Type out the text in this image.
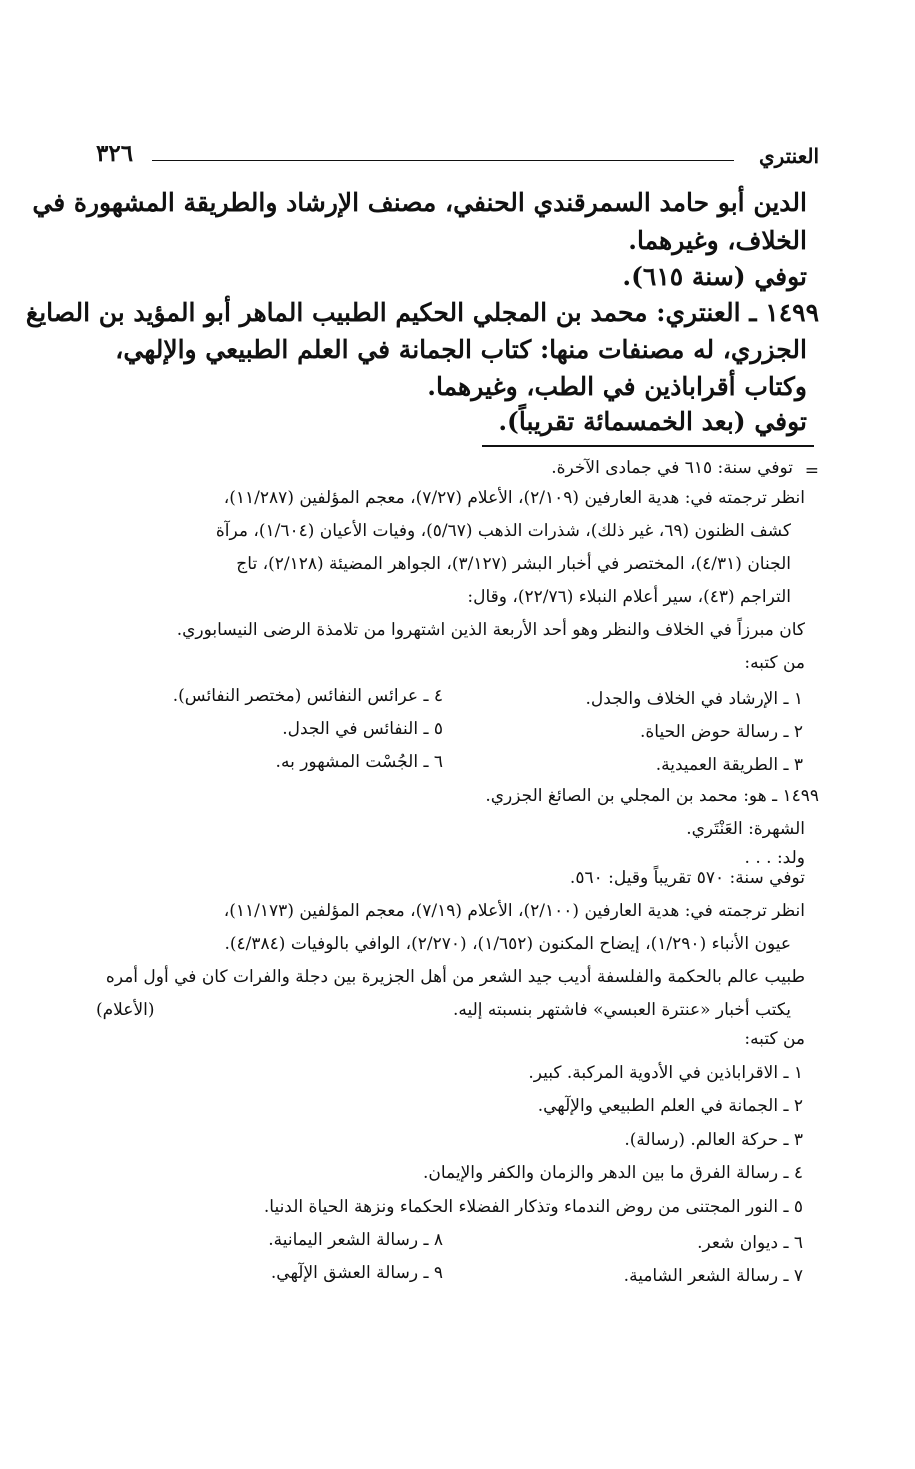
العنتري
٣٢٦
الدين أبو حامد السمرقندي الحنفي، مصنف الإرشاد والطريقة المشهورة في
الخلاف، وغيرهما.
توفي (سنة ٦١٥).
١٤٩٩ ـ العنتري: محمد بن المجلي الحكيم الطبيب الماهر أبو المؤيد بن الصايغ
الجزري، له مصنفات منها: كتاب الجمانة في العلم الطبيعي والإلهي،
وكتاب أقراباذين في الطب، وغيرهما.
توفي (بعد الخمسمائة تقريباً).
=
توفي سنة: ٦١٥ في جمادى الآخرة.
انظر ترجمته في: هدية العارفين (٢/١٠٩)، الأعلام (٧/٢٧)، معجم المؤلفين (١١/٢٨٧)،
كشف الظنون (٦٩، غير ذلك)، شذرات الذهب (٥/٦٧)، وفيات الأعيان (١/٦٠٤)، مرآة
الجنان (٤/٣١)، المختصر في أخبار البشر (٣/١٢٧)، الجواهر المضيئة (٢/١٢٨)، تاج
التراجم (٤٣)، سير أعلام النبلاء (٢٢/٧٦)، وقال:
كان مبرزاً في الخلاف والنظر وهو أحد الأربعة الذين اشتهروا من تلامذة الرضى النيسابوري.
من كتبه:
١ ـ الإرشاد في الخلاف والجدل.
٢ ـ رسالة حوض الحياة.
٣ ـ الطريقة العميدية.
٤ ـ عرائس النفائس (مختصر النفائس).
٥ ـ النفائس في الجدل.
٦ ـ الجُسْت المشهور به.
١٤٩٩ ـ هو: محمد بن المجلي بن الصائغ الجزري.
الشهرة: العَنْتَري.
ولد: . . .
توفي سنة: ٥٧٠ تقريباً وقيل: ٥٦٠.
انظر ترجمته في: هدية العارفين (٢/١٠٠)، الأعلام (٧/١٩)، معجم المؤلفين (١١/١٧٣)،
عيون الأنباء (١/٢٩٠)، إيضاح المكنون (١/٦٥٢)، (٢/٢٧٠)، الوافي بالوفيات (٤/٣٨٤).
طبيب عالم بالحكمة والفلسفة أديب جيد الشعر من أهل الجزيرة بين دجلة والفرات كان في أول أمره
يكتب أخبار «عنترة العبسي» فاشتهر بنسبته إليه.
(الأعلام)
من كتبه:
١ ـ الاقراباذين في الأدوية المركبة. كبير.
٢ ـ الجمانة في العلم الطبيعي والإلٓهي.
٣ ـ حركة العالم. (رسالة).
٤ ـ رسالة الفرق ما بين الدهر والزمان والكفر والإيمان.
٥ ـ النور المجتنى من روض الندماء وتذكار الفضلاء الحكماء ونزهة الحياة الدنيا.
٦ ـ ديوان شعر.
٧ ـ رسالة الشعر الشامية.
٨ ـ رسالة الشعر اليمانية.
٩ ـ رسالة العشق الإلٓهي.
